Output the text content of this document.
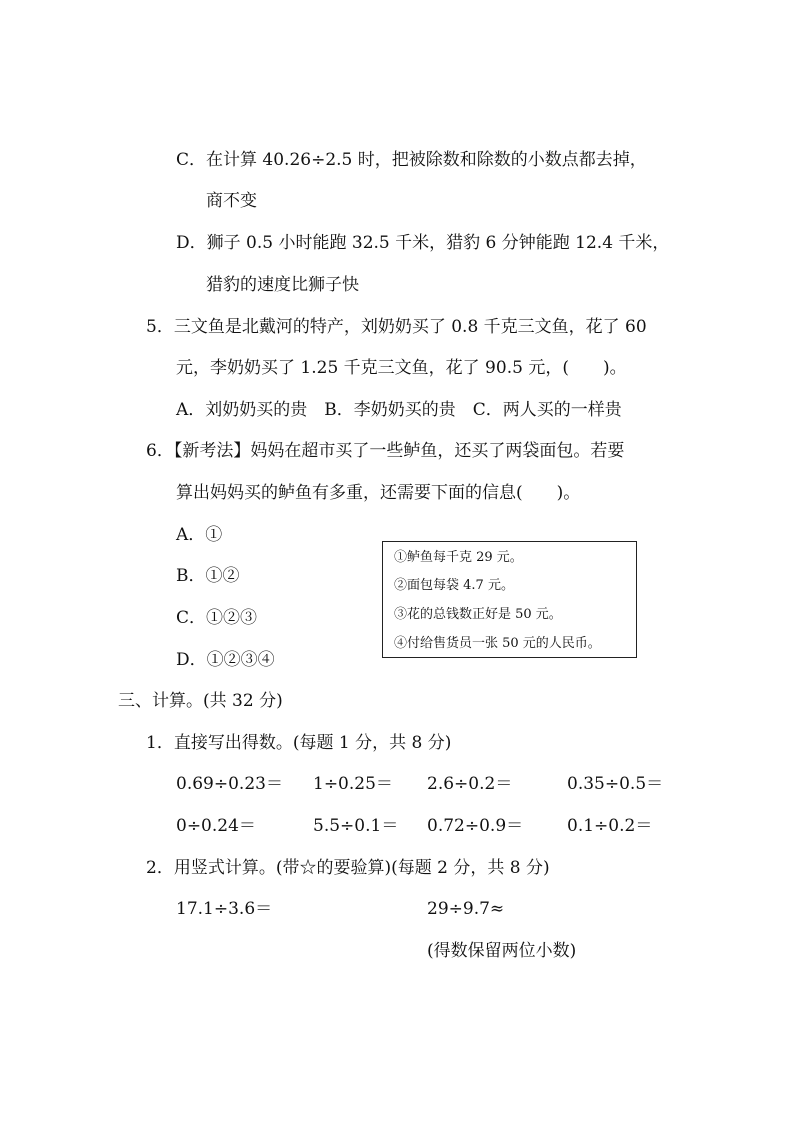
C．在计算 40.26÷2.5 时，把被除数和除数的小数点都去掉，
商不变
D．狮子 0.5 小时能跑 32.5 千米，猎豹 6 分钟能跑 12.4 千米，
猎豹的速度比狮子快
5．三文鱼是北戴河的特产，刘奶奶买了 0.8 千克三文鱼，花了 60
元，李奶奶买了 1.25 千克三文鱼，花了 90.5 元，(　　)。
A．刘奶奶买的贵　B．李奶奶买的贵　C．两人买的一样贵
6．【新考法】妈妈在超市买了一些鲈鱼，还买了两袋面包。若要
算出妈妈买的鲈鱼有多重，还需要下面的信息(　　)。
A．①
B．①②
C．①②③
D．①②③④
①鲈鱼每千克 29 元。
②面包每袋 4.7 元。
③花的总钱数正好是 50 元。
④付给售货员一张 50 元的人民币。
三、计算。(共 32 分)
1．直接写出得数。(每题 1 分，共 8 分)
0.69÷0.23＝ 1÷0.25＝ 2.6÷0.2＝	0.35÷0.5＝
0÷0.24＝	5.5÷0.1＝ 0.72÷0.9＝	0.1÷0.2＝
2．用竖式计算。(带☆的要验算)(每题 2 分，共 8 分)
17.1÷3.6＝	29÷9.7≈
(得数保留两位小数)
